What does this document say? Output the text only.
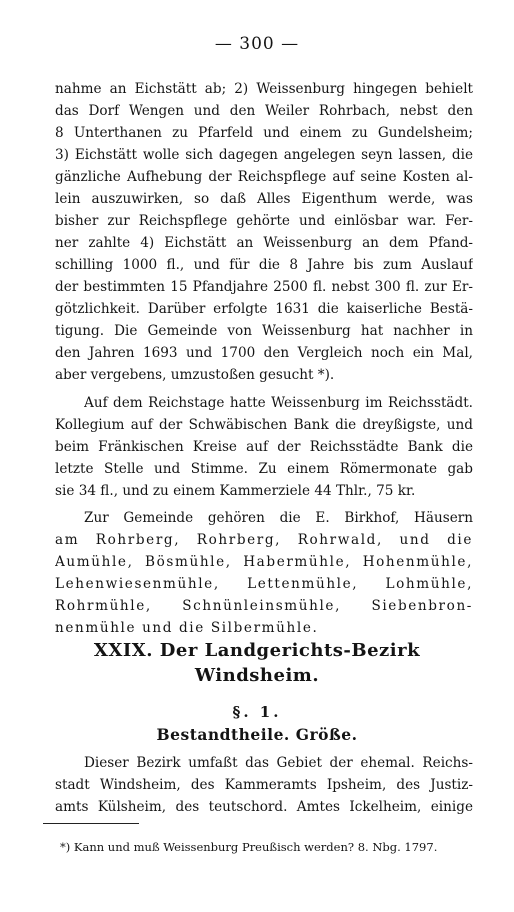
— 300 —
nahme an Eichstätt ab; 2) Weissenburg hingegen behielt
das Dorf Wengen und den Weiler Rohrbach, nebst den
8 Unterthanen zu Pfarfeld und einem zu Gundelsheim;
3) Eichstätt wolle sich dagegen angelegen seyn lassen, die
gänzliche Aufhebung der Reichspflege auf seine Kosten al-
lein auszuwirken, so daß Alles Eigenthum werde, was
bisher zur Reichspflege gehörte und einlösbar war. Fer-
ner zahlte 4) Eichstätt an Weissenburg an dem Pfand-
schilling 1000 fl., und für die 8 Jahre bis zum Auslauf
der bestimmten 15 Pfandjahre 2500 fl. nebst 300 fl. zur Er-
götzlichkeit. Darüber erfolgte 1631 die kaiserliche Bestä-
tigung. Die Gemeinde von Weissenburg hat nachher in
den Jahren 1693 und 1700 den Vergleich noch ein Mal,
aber vergebens, umzustoßen gesucht *).
Auf dem Reichstage hatte Weissenburg im Reichsstädt.
Kollegium auf der Schwäbischen Bank die dreyßigste, und
beim Fränkischen Kreise auf der Reichsstädte Bank die
letzte Stelle und Stimme. Zu einem Römermonate gab
sie 34 fl., und zu einem Kammerziele 44 Thlr., 75 kr.
Zur Gemeinde gehören die E. Birkhof, Häusern
am Rohrberg, Rohrberg, Rohrwald, und die
Aumühle, Bösmühle, Habermühle, Hohenmühle,
Lehenwiesenmühle, Lettenmühle, Lohmühle,
Rohrmühle, Schnünleinsmühle, Siebenbron-
nenmühle und die Silbermühle.
XXIX. Der Landgerichts-Bezirk
Windsheim.
§. 1.
Bestandtheile. Größe.
Dieser Bezirk umfaßt das Gebiet der ehemal. Reichs-
stadt Windsheim, des Kammeramts Ipsheim, des Justiz-
amts Külsheim, des teutschord. Amtes Ickelheim, einige
*) Kann und muß Weissenburg Preußisch werden? 8. Nbg. 1797.
